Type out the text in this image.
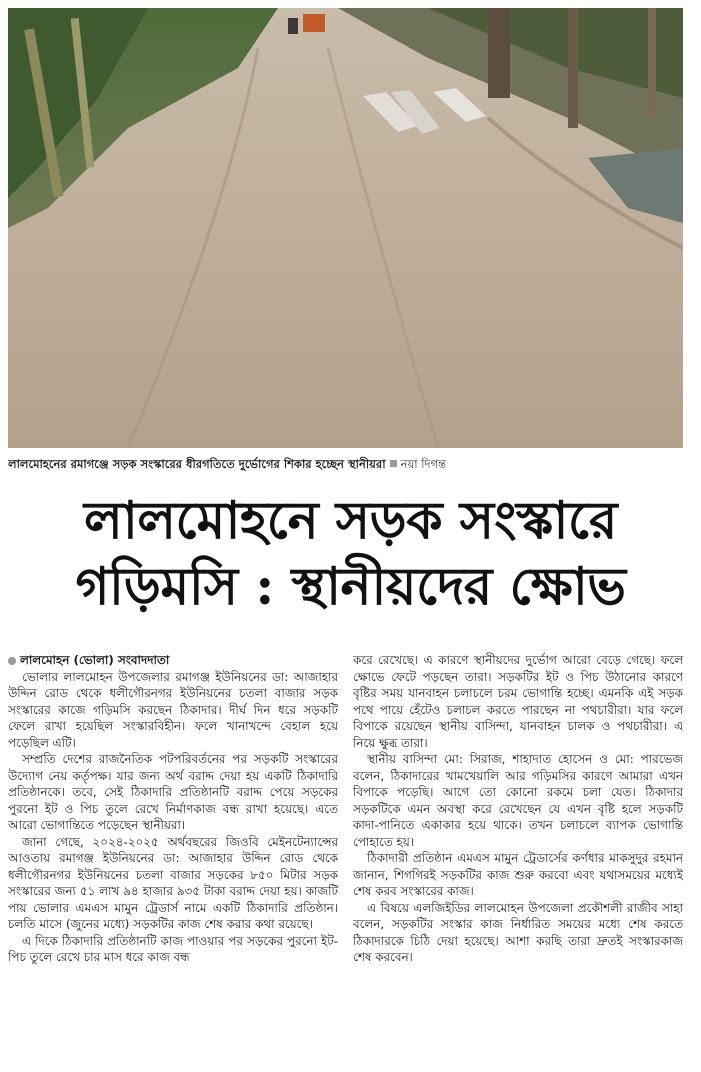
লালমোহনের রমাগঞ্জে সড়ক সংস্কারের ধীরগতিতে দুর্ভোগের শিকার হচ্ছেন স্থানীয়রা নয়া দিগন্ত
লালমোহনে সড়ক সংস্কারে
গড়িমসি : স্থানীয়দের ক্ষোভ

লালমোহন (ভোলা) সংবাদদাতা

ভোলার লালমোহন উপজেলার রমাগঞ্জ ইউনিয়নের ডা: আজাহার উদ্দিন রোড থেকে ধলীগৌরনগর ইউনিয়নের চতলা বাজার সড়ক সংস্কারের কাজে গড়িমসি করছেন ঠিকাদার। দীর্ঘ দিন ধরে সড়কটি ফেলে রাখা হয়েছিল সংস্কারবিহীন। ফলে খানাখন্দে বেহাল হয়ে পড়েছিল এটি।

সম্প্রতি দেশের রাজনৈতিক পটপরিবর্তনের পর সড়কটি সংস্কারের উদ্যোগ নেয় কর্তৃপক্ষ। যার জন্য অর্থ বরাদ্দ দেয়া হয় একটি ঠিকাদারি প্রতিষ্ঠানকে। তবে, সেই ঠিকাদারি প্রতিষ্ঠানটি বরাদ্দ পেয়ে সড়কের পুরনো ইট ও পিচ তুলে রেখে নির্মাণকাজ বন্ধ রাখা হয়েছে। এতে আরো ভোগান্তিতে পড়েছেন স্থানীয়রা।

জানা গেছে, ২০২৪-২০২৫ অর্থবছরের জিওবি মেইনটেন্যান্সের আওতায় রমাগঞ্জ ইউনিয়নের ডা: আজাহার উদ্দিন রোড থেকে ধলীগৌরনগর ইউনিয়নের চতলা বাজার সড়কের ৮৫০ মিটার সড়ক সংস্কারের জন্য ৫১ লাখ ৯৪ হাজার ৯৩৫ টাকা বরাদ্দ দেয়া হয়। কাজটি পায় ভোলার এমএস মামুন ট্রেডার্স নামে একটি ঠিকাদারি প্রতিষ্ঠান। চলতি মাসে (জুনের মধ্যে) সড়কটির কাজ শেষ করার কথা রয়েছে।

এ দিকে ঠিকাদারি প্রতিষ্ঠানটি কাজ পাওয়ার পর সড়কের পুরনো ইট-পিচ তুলে রেখে চার মাস ধরে কাজ বন্ধ

করে রেখেছে। এ কারণে স্থানীয়দের দুর্ভোগ আরো বেড়ে গেছে। ফলে ক্ষোভে ফেটে পড়ছেন তারা। সড়কটির ইট ও পিচ উঠানোর কারণে বৃষ্টির সময় যানবাহন চলাচলে চরম ভোগান্তি হচ্ছে। এমনকি এই সড়ক পথে পায়ে হেঁটেও চলাচল করতে পারছেন না পথচারীরা। যার ফলে বিপাকে রয়েছেন স্থানীয় বাসিন্দা, যানবাহন চালক ও পথচারীরা। এ নিয়ে ক্ষুব্ধ তারা।

স্থানীয় বাসিন্দা মো: সিরাজ, শাহাদাত হোসেন ও মো: পারভেজ বলেন, ঠিকাদারের খামখেয়ালি আর গড়িমসির কারণে আমারা এখন বিপাকে পড়েছি। আগে তো কোনো রকমে চলা যেত। ঠিকাদার সড়কটিকে এমন অবস্থা করে রেখেছেন যে এখন বৃষ্টি হলে সড়কটি কাদা-পানিতে একাকার হয়ে থাকে। তখন চলাচলে ব্যাপক ভোগান্তি পোহাতে হয়।

ঠিকাদারী প্রতিষ্ঠান এমএস মামুন ট্রেডার্সের কর্ণধার মাকসুদুর রহমান জানান, শিগগিরই সড়কটির কাজ শুরু করবো এবং যথাসময়ের মধ্যেই শেষ করব সংস্কারের কাজ।

এ বিষয়ে এলজিইডির লালমোহন উপজেলা প্রকৌশলী রাজীব সাহা বলেন, সড়কটির সংস্কার কাজ নির্ধারিত সময়ের মধ্যে শেষ করতে ঠিকাদারকে চিঠি দেয়া হয়েছে। আশা করছি তারা দ্রুতই সংস্কারকাজ শেষ করবেন।
